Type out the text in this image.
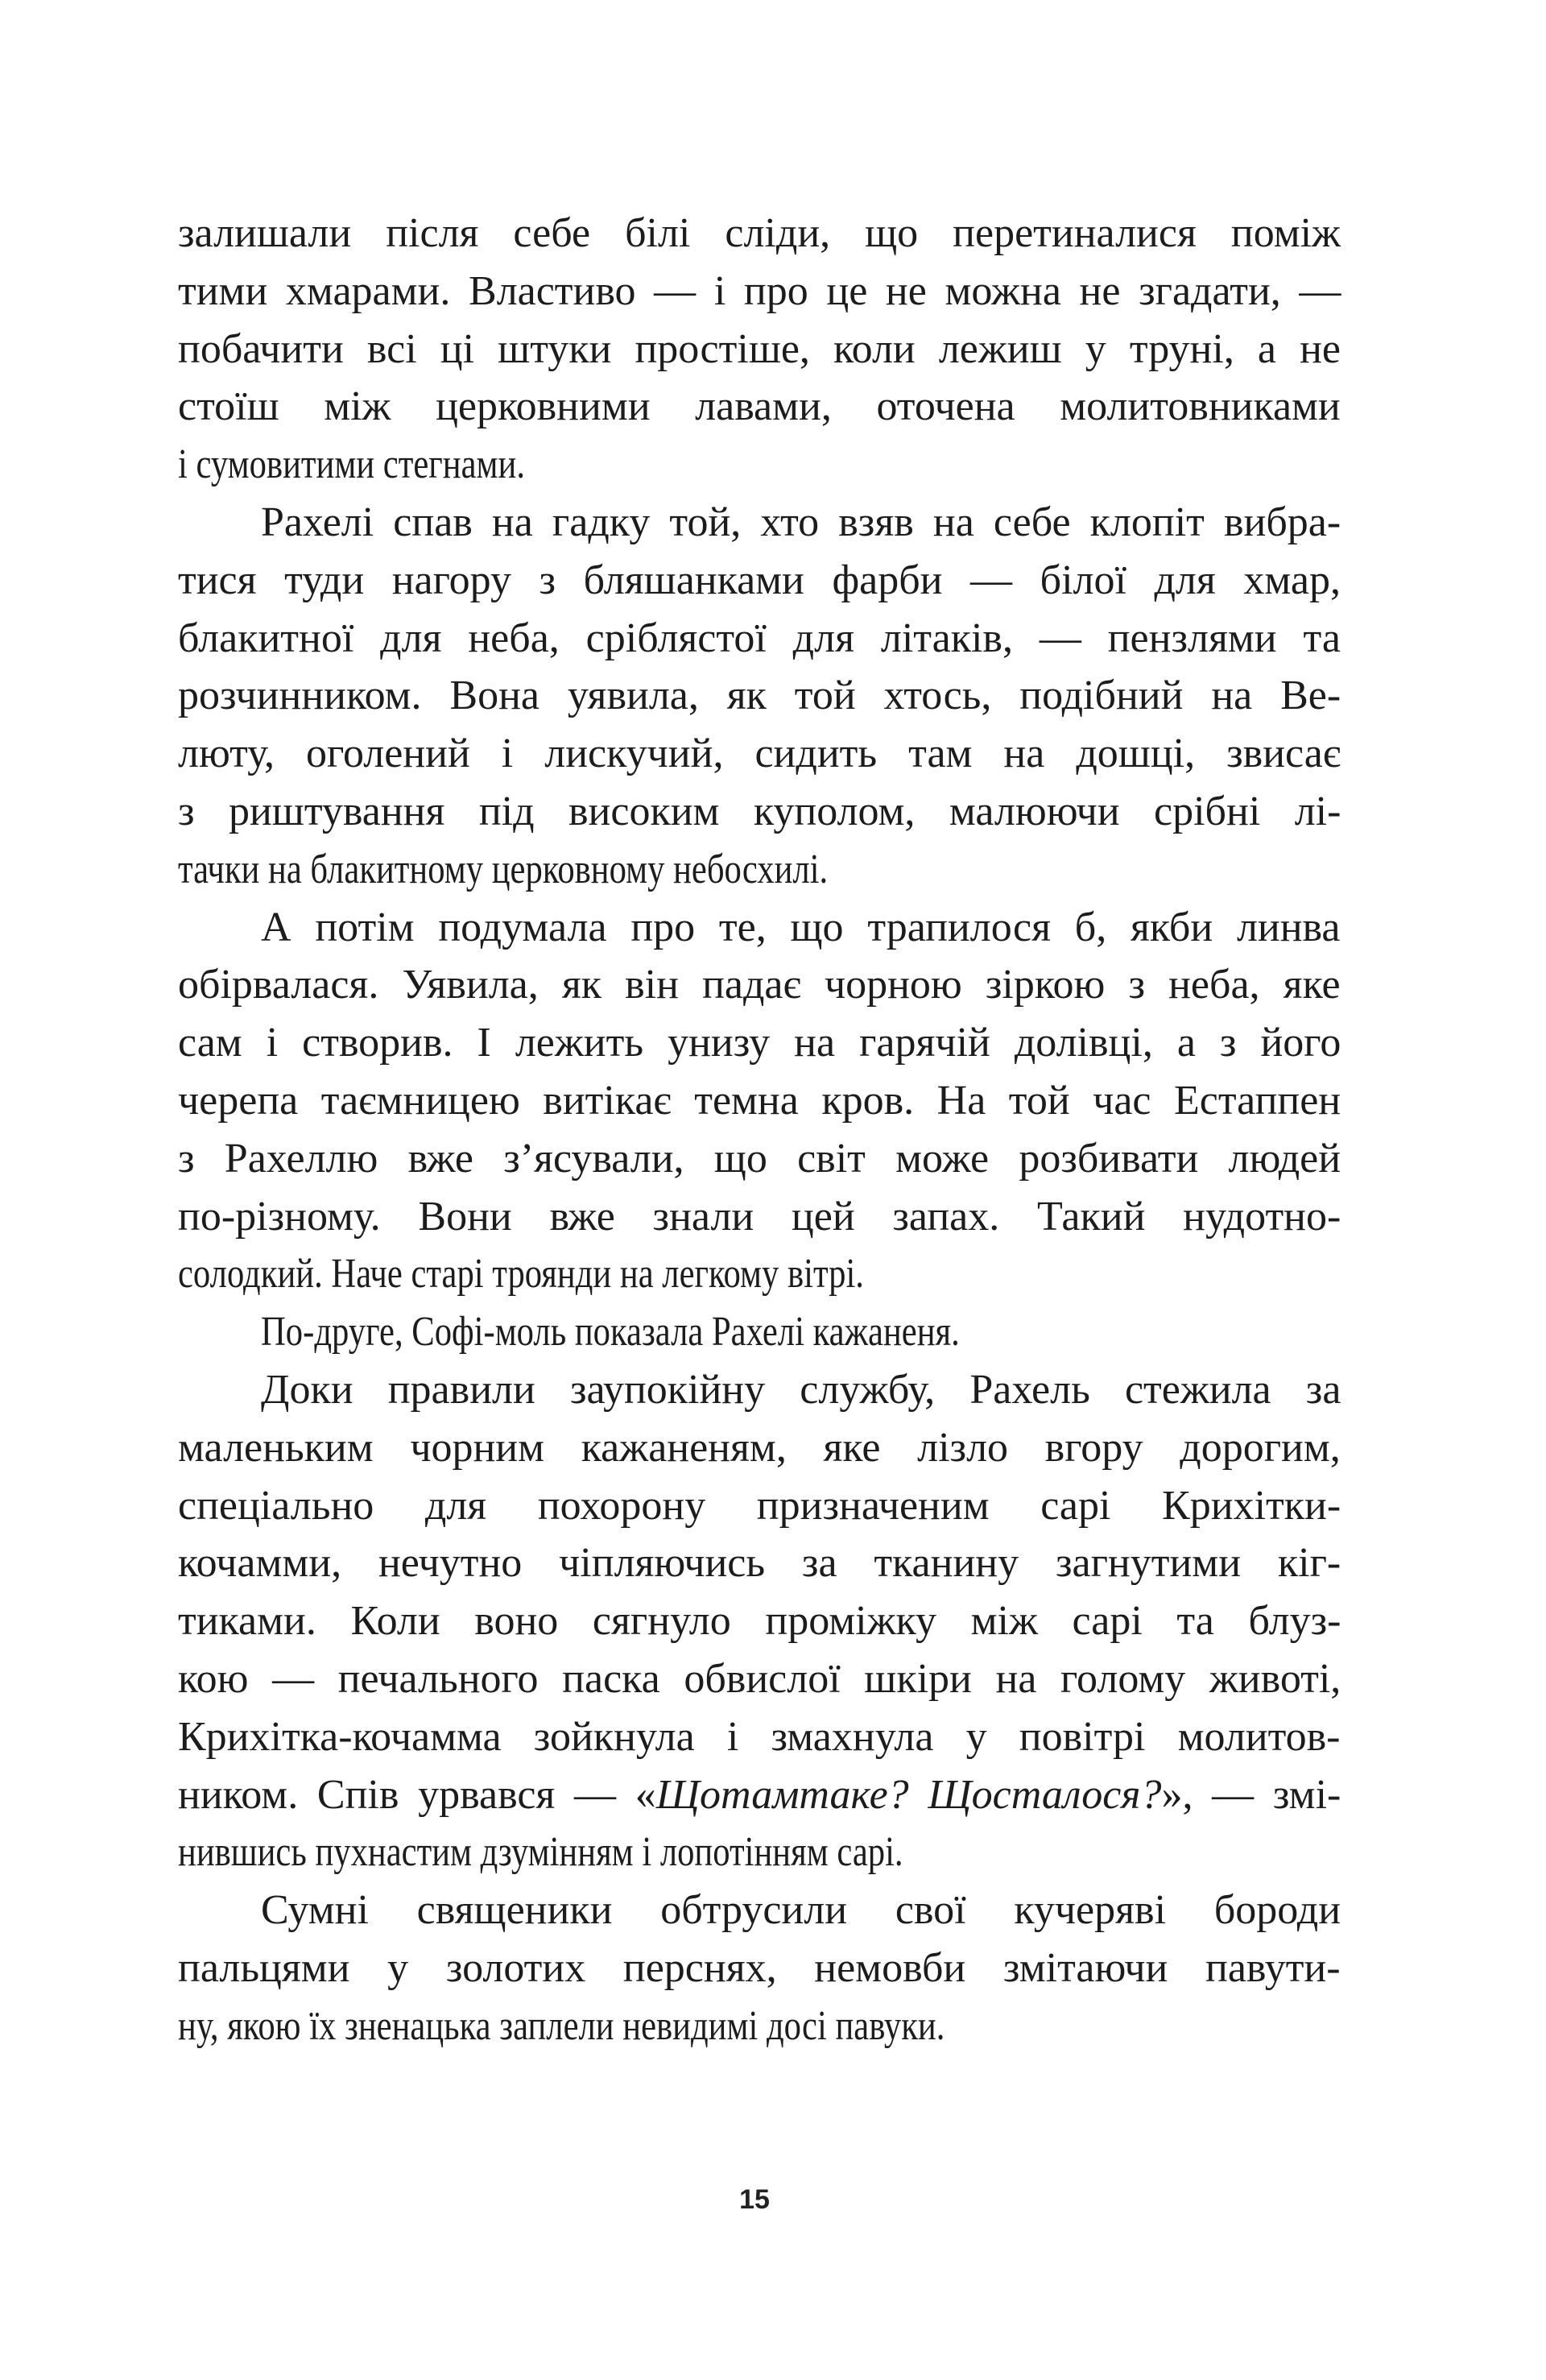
залишали після себе білі сліди, що перетиналися поміж
тими хмарами. Властиво — і про це не можна не згадати, —
побачити всі ці штуки простіше, коли лежиш у труні, а не
стоїш між церковними лавами, оточена молитовниками
і сумовитими стегнами.
Рахелі спав на гадку той, хто взяв на себе клопіт вибра-
тися туди нагору з бляшанками фарби — білої для хмар,
блакитної для неба, сріблястої для літаків, — пензлями та
розчинником. Вона уявила, як той хтось, подібний на Ве-
люту, оголений і лискучий, сидить там на дошці, звисає
з риштування під високим куполом, малюючи срібні лі-
тачки на блакитному церковному небосхилі.
А потім подумала про те, що трапилося б, якби линва
обірвалася. Уявила, як він падає чорною зіркою з неба, яке
сам і створив. І лежить унизу на гарячій долівці, а з його
черепа таємницею витікає темна кров. На той час Естаппен
з Рахеллю вже з’ясували, що світ може розбивати людей
по-різному. Вони вже знали цей запах. Такий нудотно-
солодкий. Наче старі троянди на легкому вітрі.
По-друге, Софі-моль показала Рахелі кажаненя.
Доки правили заупокійну службу, Рахель стежила за
маленьким чорним кажаненям, яке лізло вгору дорогим,
спеціально для похорону призначеним сарі Крихітки-
кочамми, нечутно чіпляючись за тканину загнутими кіг-
тиками. Коли воно сягнуло проміжку між сарі та блуз-
кою — печального паска обвислої шкіри на голому животі,
Крихітка-кочамма зойкнула і змахнула у повітрі молитов-
ником. Спів урвався — «Щотамтаке? Щосталося?», — змі-
нившись пухнастим дзумінням і лопотінням сарі.
Сумні священики обтрусили свої кучеряві бороди
пальцями у золотих перснях, немовби змітаючи павути-
ну, якою їх зненацька заплели невидимі досі павуки.
15
